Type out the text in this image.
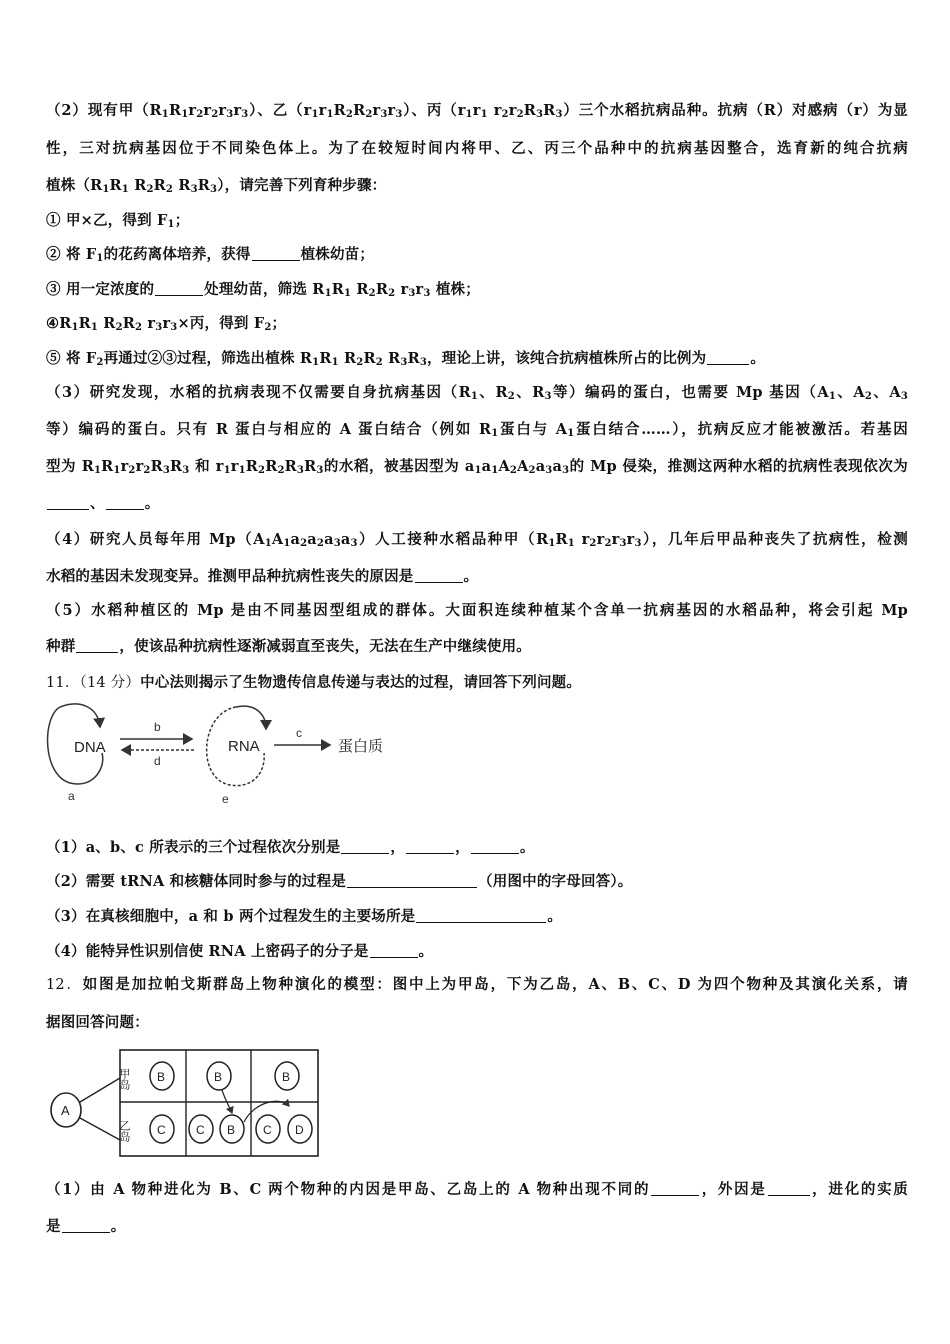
（2）现有甲$(R_1R_1r_2r_2r_3r_3)$、乙$(r_1r_1R_2R_2r_3r_3)$、丙（$r_1r_1$ $r_2r_2R_3R_3$）三个水稻抗病品种。抗病（R）对感病（r）为显
性，三对抗病基因位于不同染色体上。为了在较短时间内将甲、乙、丙三个品种中的抗病基因整合，选育新的纯合抗病
植株（$R_1R_1$ $R_2R_2$ $R_3R_3$），请完善下列育种步骤：
① 甲×乙，得到 $F_1$；
② 将 $F_1$的花药离体培养，获得	植株幼苗；
③ 用一定浓度的	处理幼苗，筛选 $R_1R_1$ $R_2R_2$ $r_3r_3$ 植株；
$④R_1R_1$ $R_2R_2$ $r_3r_3\times$丙，得到 $F_2$；
⑤ 将 $F_2$再通过②③过程，筛选出植株 $R_1R_1$ $R_2R_2$ $R_3R_3$，理论上讲，该纯合抗病植株所占的比例为	。
（3）研究发现，水稻的抗病表现不仅需要自身抗病基因（$R_1$、$R_2$、$R_3$等）编码的蛋白，也需要 Mp 基因（$A_1$、$A_2$、$A_3$
等）编码的蛋白。只有 R 蛋白与相应的 A 蛋白结合（例如 $R_1$蛋白与 $A_1$蛋白结合……），抗病反应才能被激活。若基因
型为 $R_1R_1r_2r_2R_3R_3$ 和 $r_1r_1R_2R_2R_3R_3$的水稻，被基因型为 $a_1a_1A_2A_2a_3a_3$的 Mp 侵染，推测这两种水稻的抗病性表现依次为
、	。
（4）研究人员每年用 $Mp(A_1A_1a_2a_2a_3a_3)$人工接种水稻品种甲（$R_1R_1$ $r_2r_2r_3r_3$），几年后甲品种丧失了抗病性，检测
水稻的基因未发现变异。推测甲品种抗病性丧失的原因是	。
（5）水稻种植区的 Mp 是由不同基因型组成的群体。大面积连续种植某个含单一抗病基因的水稻品种，将会引起 Mp
种群	，使该品种抗病性逐渐减弱直至丧失，无法在生产中继续使用。
11．（14 分）中心法则揭示了生物遗传信息传递与表达的过程，请回答下列问题。
DNA
a
b
d
RNA
e
c
蛋白质
（1）a、b、c 所表示的三个过程依次分别是	，	，	。
（2）需要 tRNA 和核糖体同时参与的过程是	（用图中的字母回答）。
（3）在真核细胞中，a 和 b 两个过程发生的主要场所是	。
（4）能特异性识别信使 RNA 上密码子的分子是	。
12．如图是加拉帕戈斯群岛上物种演化的模型：图中上为甲岛，下为乙岛，A、B、C、D 为四个物种及其演化关系，请
据图回答问题：
A
甲岛
乙岛
B	B	B
C	C B C D
（1）由 A 物种进化为 B、C 两个物种的内因是甲岛、乙岛上的 A 物种出现不同的	，外因是	，进化的实质
是	。
